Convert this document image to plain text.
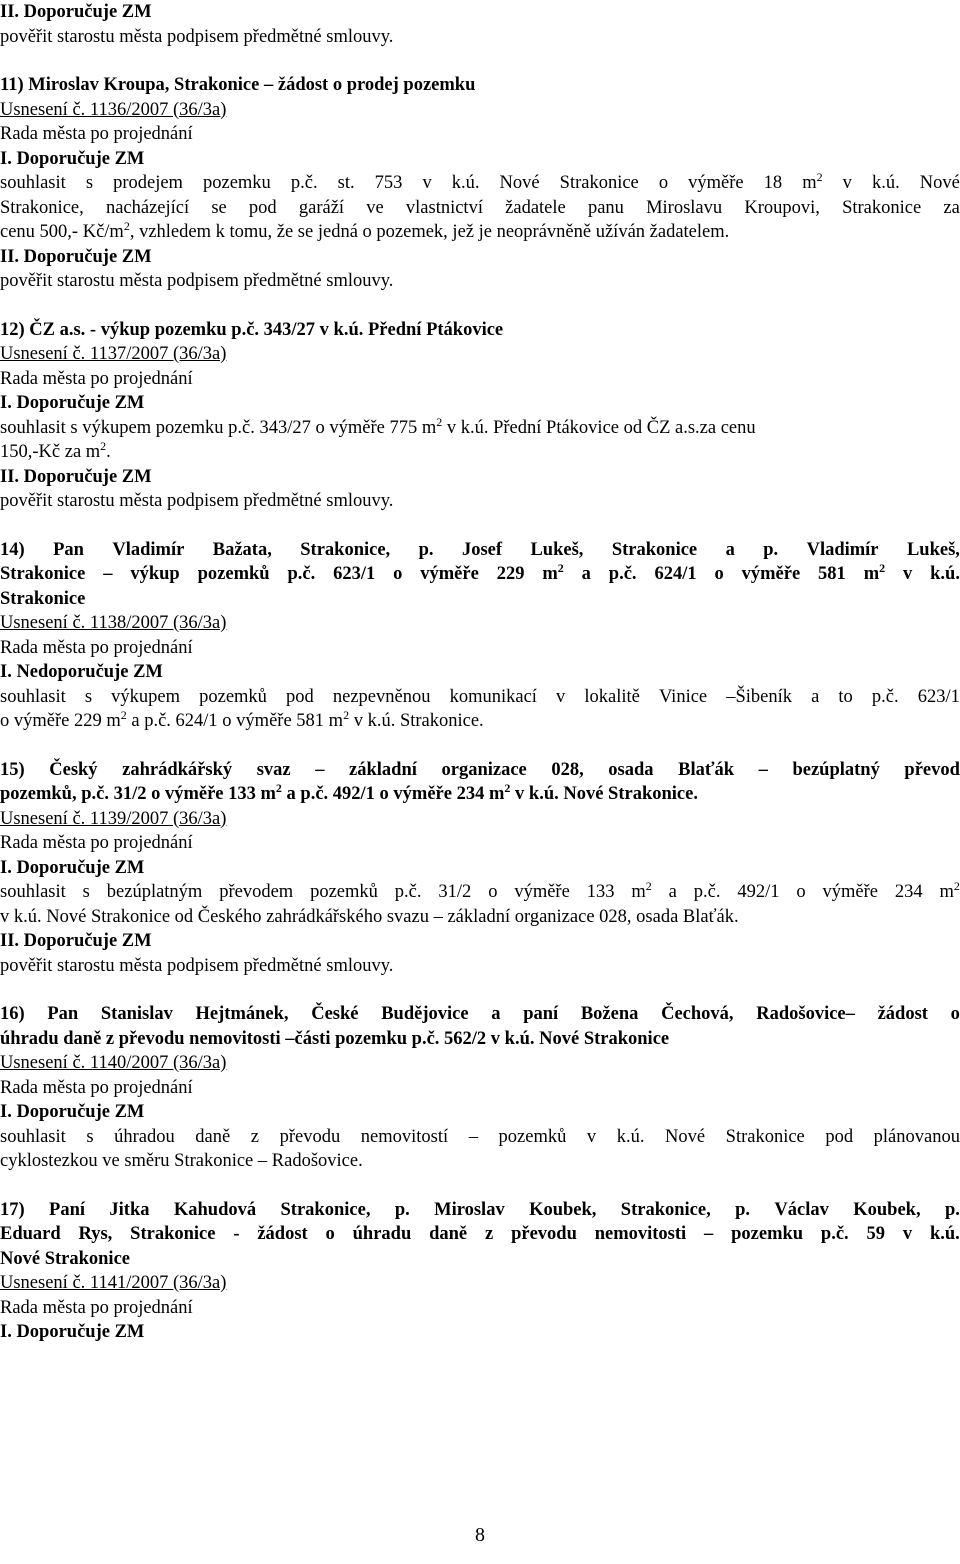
II. Doporučuje ZM

pověřit starostu města podpisem předmětné smlouvy.

11) Miroslav Kroupa, Strakonice – žádost o prodej pozemku

Usnesení č. 1136/2007 (36/3a)

Rada města po projednání

I. Doporučuje ZM

souhlasit s prodejem pozemku p.č. st. 753 v k.ú. Nové Strakonice o výměře 18 $m^2$ v k.ú. Nové

Strakonice, nacházející se pod garáží ve vlastnictví žadatele panu Miroslavu Kroupovi, Strakonice za

cenu 500,- $Kč/m^2$, vzhledem k tomu, že se jedná o pozemek, jež je neoprávněně užíván žadatelem.

II. Doporučuje ZM

pověřit starostu města podpisem předmětné smlouvy.

12) ČZ a.s. - výkup pozemku p.č. 343/27 v k.ú. Přední Ptákovice

Usnesení č. 1137/2007 (36/3a)

Rada města po projednání

I. Doporučuje ZM

souhlasit s výkupem pozemku p.č. 343/27 o výměře 775 $m^2$ v k.ú. Přední Ptákovice od ČZ a.s.za cenu

150,-Kč za $m^2$.

II. Doporučuje ZM

pověřit starostu města podpisem předmětné smlouvy.

14) Pan Vladimír Bažata, Strakonice, p. Josef Lukeš, Strakonice a p. Vladimír Lukeš,

Strakonice – výkup pozemků p.č. 623/1 o výměře 229 $m^2$ a p.č. 624/1 o výměře 581 $m^2$ v k.ú.

Strakonice

Usnesení č. 1138/2007 (36/3a)

Rada města po projednání

I. Nedoporučuje ZM

souhlasit s výkupem pozemků pod nezpevněnou komunikací v lokalitě Vinice –Šibeník a to p.č. 623/1

o výměře 229 $m^2$ a p.č. 624/1 o výměře 581 $m^2$ v k.ú. Strakonice.

15) Český zahrádkářský svaz – základní organizace 028, osada Blaťák – bezúplatný převod

pozemků, p.č. 31/2 o výměře 133 $m^2$ a p.č. 492/1 o výměře 234 $m^2$ v k.ú. Nové Strakonice.

Usnesení č. 1139/2007 (36/3a)

Rada města po projednání

I. Doporučuje ZM

souhlasit s bezúplatným převodem pozemků p.č. 31/2 o výměře 133 $m^2$ a p.č. 492/1 o výměře 234 $m^2$

v k.ú. Nové Strakonice od Českého zahrádkářského svazu – základní organizace 028, osada Blaťák.

II. Doporučuje ZM

pověřit starostu města podpisem předmětné smlouvy.

16) Pan Stanislav Hejtmánek, České Budějovice a paní Božena Čechová, Radošovice– žádost o

úhradu daně z převodu nemovitosti –části pozemku p.č. 562/2 v k.ú. Nové Strakonice

Usnesení č. 1140/2007 (36/3a)

Rada města po projednání

I. Doporučuje ZM

souhlasit s úhradou daně z převodu nemovitostí – pozemků v k.ú. Nové Strakonice pod plánovanou

cyklostezkou ve směru Strakonice – Radošovice.

17) Paní Jitka Kahudová Strakonice, p. Miroslav Koubek, Strakonice, p. Václav Koubek, p.

Eduard Rys, Strakonice - žádost o úhradu daně z převodu nemovitosti – pozemku p.č. 59 v k.ú.

Nové Strakonice

Usnesení č. 1141/2007 (36/3a)

Rada města po projednání

I. Doporučuje ZM

8
